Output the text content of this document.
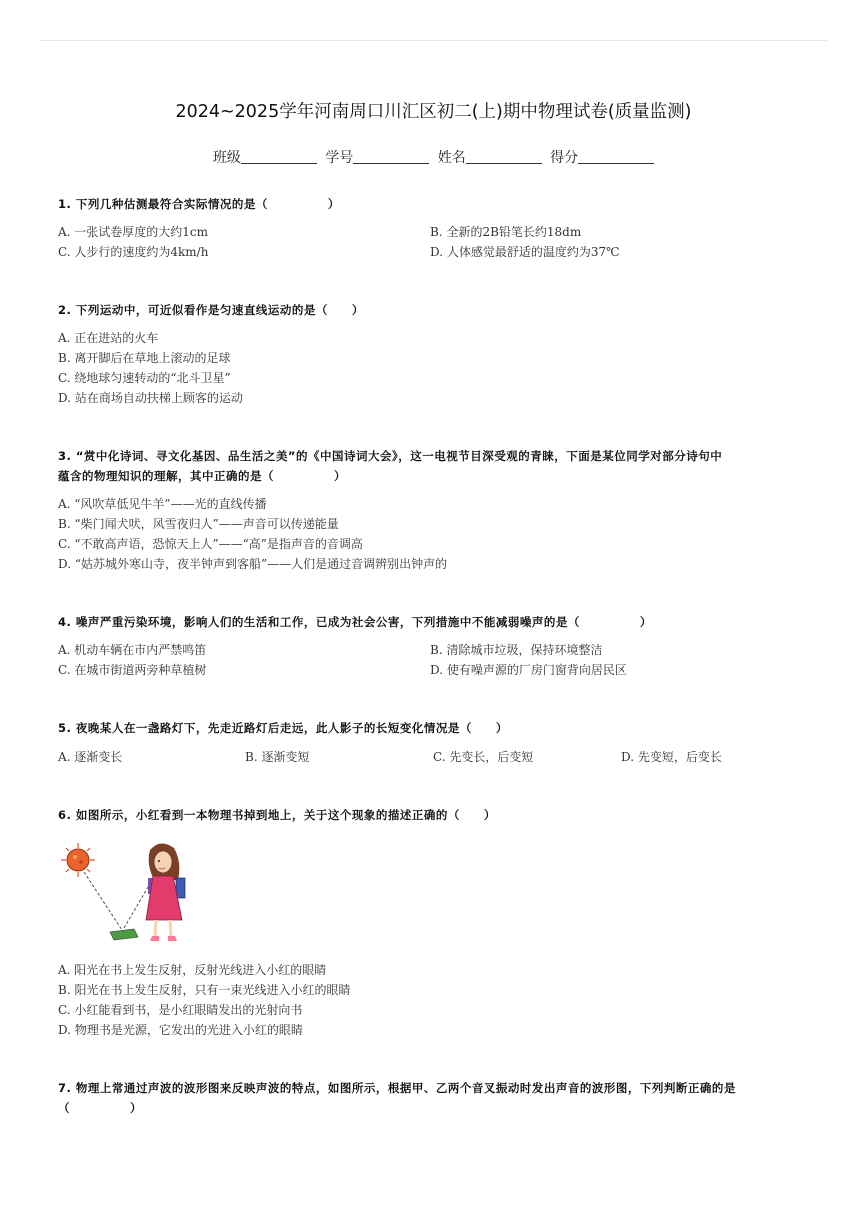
2024~2025学年河南周口川汇区初二(上)期中物理试卷(质量监测)
班级	学号	姓名	得分
1. 下列几种估测最符合实际情况的是（　　　　　）
A. 一张试卷厚度的大约1cm	B. 全新的2B铅笔长约18dm
C. 人步行的速度约为4km/h	D. 人体感觉最舒适的温度约为37℃
2. 下列运动中，可近似看作是匀速直线运动的是（　　）
A. 正在进站的火车
B. 离开脚后在草地上滚动的足球
C. 绕地球匀速转动的“北斗卫星”
D. 站在商场自动扶梯上顾客的运动
3. “赏中化诗词、寻文化基因、品生活之美”的《中国诗词大会》，这一电视节目深受观的青睐，下面是某位同学对部分诗句中
蕴含的物理知识的理解，其中正确的是（　　　　　）
A. “风吹草低见牛羊”——光的直线传播
B. “柴门闻犬吠，风雪夜归人”——声音可以传递能量
C. “不敢高声语，恐惊天上人”——“高”是指声音的音调高
D. “姑苏城外寒山寺，夜半钟声到客船”——人们是通过音调辨别出钟声的
4. 噪声严重污染环境，影响人们的生活和工作，已成为社会公害，下列措施中不能减弱噪声的是（　　　　　）
A. 机动车辆在市内严禁鸣笛	B. 清除城市垃圾，保持环境整洁
C. 在城市街道两旁种草植树	D. 使有噪声源的厂房门窗背向居民区
5. 夜晚某人在一盏路灯下，先走近路灯后走远，此人影子的长短变化情况是（　　）
A. 逐渐变长	B. 逐渐变短	C. 先变长，后变短	D. 先变短，后变长
6. 如图所示，小红看到一本物理书掉到地上，关于这个现象的描述正确的（　　）
A. 阳光在书上发生反射，反射光线进入小红的眼睛
B. 阳光在书上发生反射，只有一束光线进入小红的眼睛
C. 小红能看到书，是小红眼睛发出的光射向书
D. 物理书是光源，它发出的光进入小红的眼睛
7. 物理上常通过声波的波形图来反映声波的特点，如图所示，根据甲、乙两个音叉振动时发出声音的波形图，下列判断正确的是
（　　　　　）
